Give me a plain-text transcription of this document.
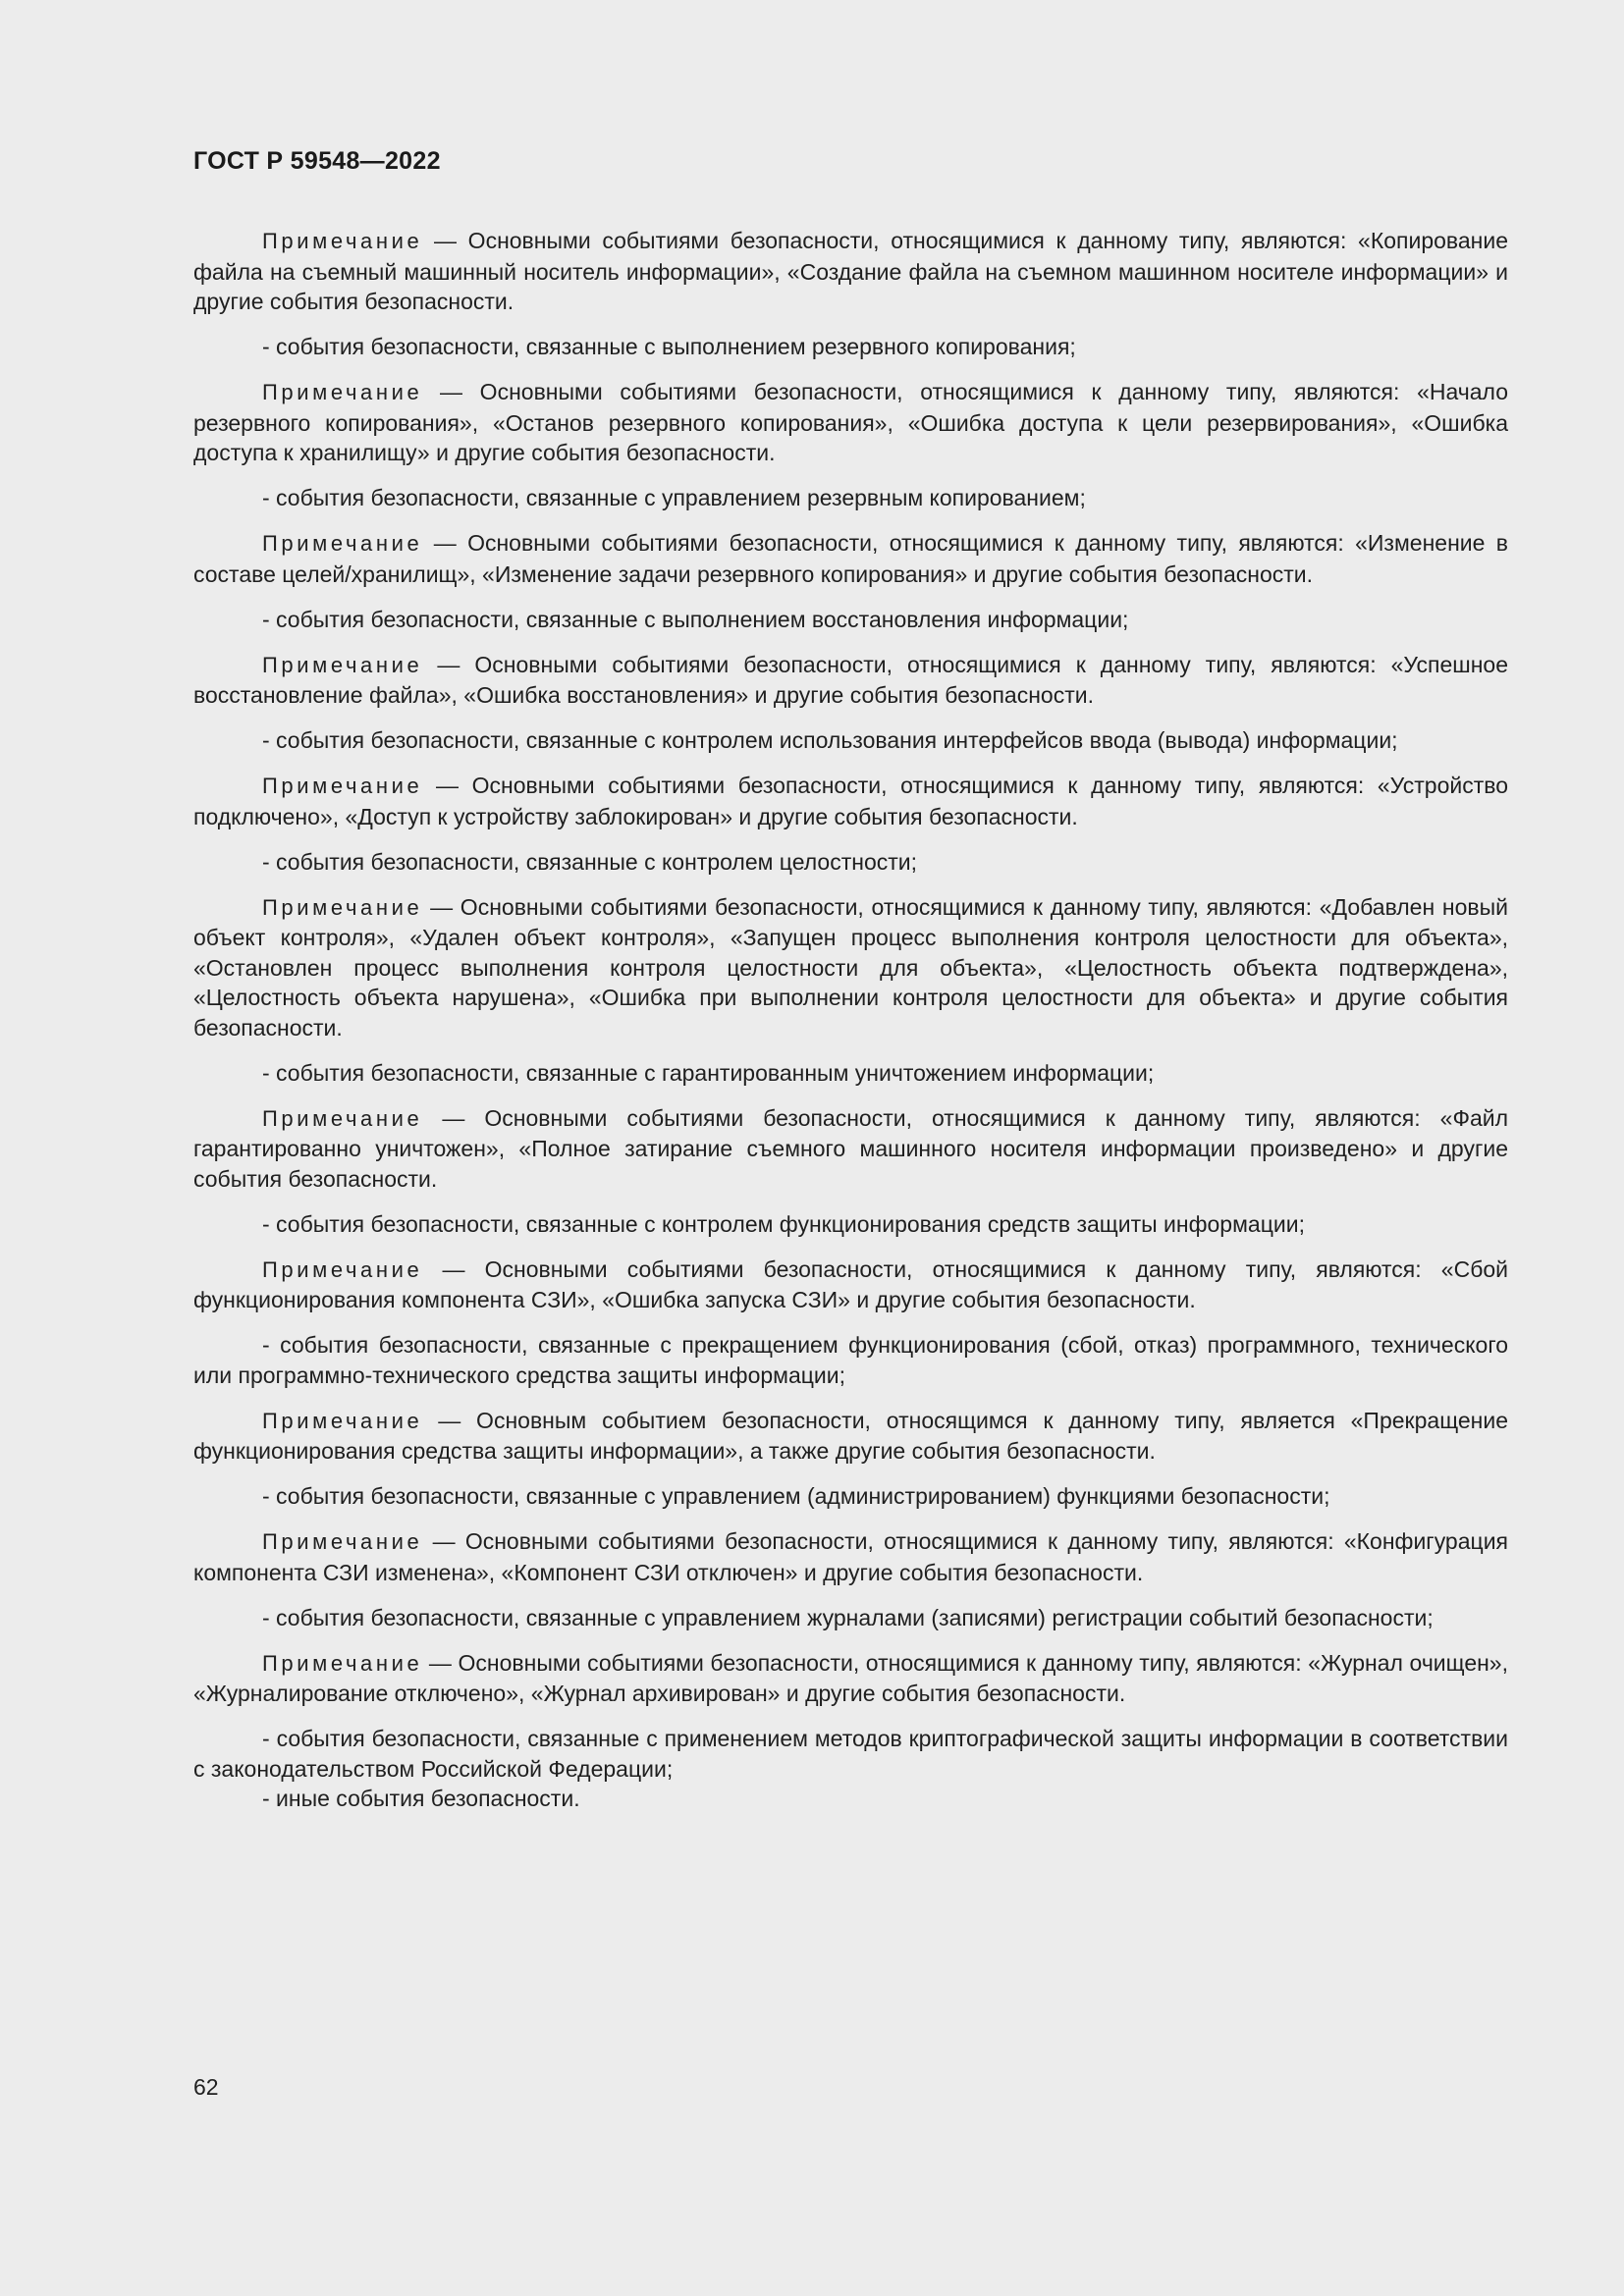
ГОСТ Р 59548—2022

Примечание — Основными событиями безопасности, относящимися к данному типу, являются: «Копирование файла на съемный машинный носитель информации», «Создание файла на съемном машинном носителе информации» и другие события безопасности.

- события безопасности, связанные с выполнением резервного копирования;

Примечание — Основными событиями безопасности, относящимися к данному типу, являются: «Начало резервного копирования», «Останов резервного копирования», «Ошибка доступа к цели резервирования», «Ошибка доступа к хранилищу» и другие события безопасности.

- события безопасности, связанные с управлением резервным копированием;

Примечание — Основными событиями безопасности, относящимися к данному типу, являются: «Изменение в составе целей/хранилищ», «Изменение задачи резервного копирования» и другие события безопасности.

- события безопасности, связанные с выполнением восстановления информации;

Примечание — Основными событиями безопасности, относящимися к данному типу, являются: «Успешное восстановление файла», «Ошибка восстановления» и другие события безопасности.

- события безопасности, связанные с контролем использования интерфейсов ввода (вывода) информации;

Примечание — Основными событиями безопасности, относящимися к данному типу, являются: «Устройство подключено», «Доступ к устройству заблокирован» и другие события безопасности.

- события безопасности, связанные с контролем целостности;

Примечание — Основными событиями безопасности, относящимися к данному типу, являются: «Добавлен новый объект контроля», «Удален объект контроля», «Запущен процесс выполнения контроля целостности для объекта», «Остановлен процесс выполнения контроля целостности для объекта», «Целостность объекта подтверждена», «Целостность объекта нарушена», «Ошибка при выполнении контроля целостности для объекта» и другие события безопасности.

- события безопасности, связанные с гарантированным уничтожением информации;

Примечание — Основными событиями безопасности, относящимися к данному типу, являются: «Файл гарантированно уничтожен», «Полное затирание съемного машинного носителя информации произведено» и другие события безопасности.

- события безопасности, связанные с контролем функционирования средств защиты информации;

Примечание — Основными событиями безопасности, относящимися к данному типу, являются: «Сбой функционирования компонента СЗИ», «Ошибка запуска СЗИ» и другие события безопасности.

- события безопасности, связанные с прекращением функционирования (сбой, отказ) программного, технического или программно-технического средства защиты информации;

Примечание — Основным событием безопасности, относящимся к данному типу, является «Прекращение функционирования средства защиты информации», а также другие события безопасности.

- события безопасности, связанные с управлением (администрированием) функциями безопасности;

Примечание — Основными событиями безопасности, относящимися к данному типу, являются: «Конфигурация компонента СЗИ изменена», «Компонент СЗИ отключен» и другие события безопасности.

- события безопасности, связанные с управлением журналами (записями) регистрации событий безопасности;

Примечание — Основными событиями безопасности, относящимися к данному типу, являются: «Журнал очищен», «Журналирование отключено», «Журнал архивирован» и другие события безопасности.

- события безопасности, связанные с применением методов криптографической защиты информации в соответствии с законодательством Российской Федерации;

- иные события безопасности.

62
